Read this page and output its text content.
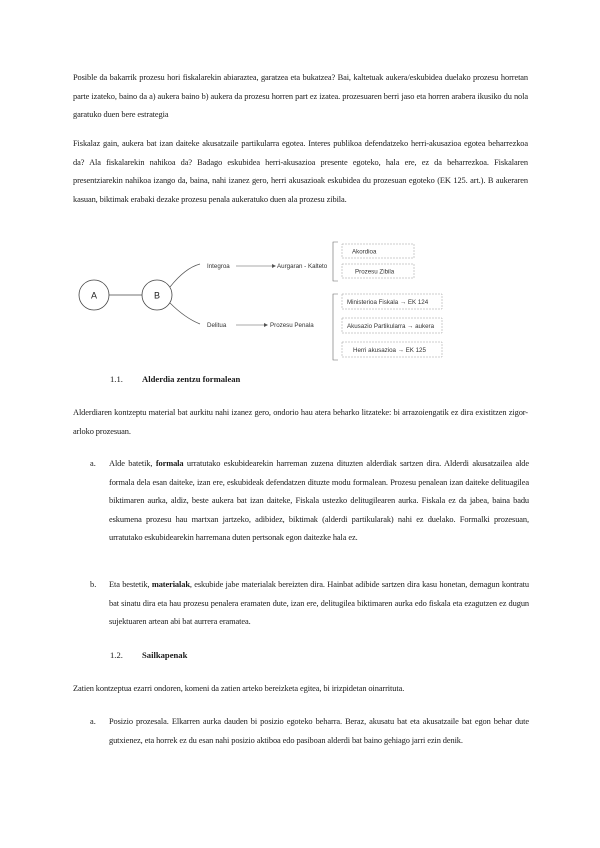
Posible da bakarrik prozesu hori fiskalarekin abiaraztea, garatzea eta bukatzea? Bai, kaltetuak aukera/eskubidea duelako prozesu horretan parte izateko, baino da a) aukera baino b) aukera da prozesu horren part ez izatea. prozesuaren berri jaso eta horren arabera ikusiko du nola garatuko duen bere estrategia
Fiskalaz gain, aukera bat izan daiteke akusatzaile partikularra egotea. Interes publikoa defendatzeko herri-akusazioa egotea beharrezkoa da? Ala fiskalarekin nahikoa da? Badago eskubidea herri-akusazioa presente egoteko, hala ere, ez da beharrezkoa. Fiskalaren presentziarekin nahikoa izango da, baina, nahi izanez gero, herri akusazioak eskubidea du prozesuan egoteko (EK 125. art.). B aukeraren kasuan, biktimak erabaki dezake prozesu penala aukeratuko duen ala prozesu zibila.
A	B
Integroa	Aurgaran - Kalteto
Delitua	Prozesu Penala
Akordioa
Prozesu Zibila
Ministerioa Fiskala → EK 124
Akusazio Partikularra → aukera
Herri akusazioa → EK 125
1.1. Alderdia zentzu formalean
Alderdiaren kontzeptu material bat aurkitu nahi izanez gero, ondorio hau atera beharko litzateke: bi arrazoiengatik ez dira existitzen zigor-arloko prozesuan.
a. Alde batetik, formala urratutako eskubidearekin harreman zuzena dituzten alderdiak sartzen dira. Alderdi akusatzailea alde formala dela esan daiteke, izan ere, eskubideak defendatzen dituzte modu formalean. Prozesu penalean izan daiteke delituagilea biktimaren aurka, aldiz, beste aukera bat izan daiteke, Fiskala ustezko delitugilearen aurka. Fiskala ez da jabea, baina badu eskumena prozesu hau martxan jartzeko, adibidez, biktimak (alderdi partikularak) nahi ez duelako. Formalki prozesuan, urratutako eskubidearekin harremana duten pertsonak egon daitezke hala ez.
b. Eta bestetik, materialak, eskubide jabe materialak bereizten dira. Hainbat adibide sartzen dira kasu honetan, demagun kontratu bat sinatu dira eta hau prozesu penalera eramaten dute, izan ere, delitugilea biktimaren aurka edo fiskala eta ezagutzen ez dugun sujektuaren artean abi bat aurrera eramatea.
1.2. Sailkapenak
Zatien kontzeptua ezarri ondoren, komeni da zatien arteko bereizketa egitea, bi irizpidetan oinarrituta.
a. Posizio prozesala. Elkarren aurka dauden bi posizio egoteko beharra. Beraz, akusatu bat eta akusatzaile bat egon behar dute gutxienez, eta horrek ez du esan nahi posizio aktiboa edo pasiboan alderdi bat baino gehiago jarri ezin denik.
